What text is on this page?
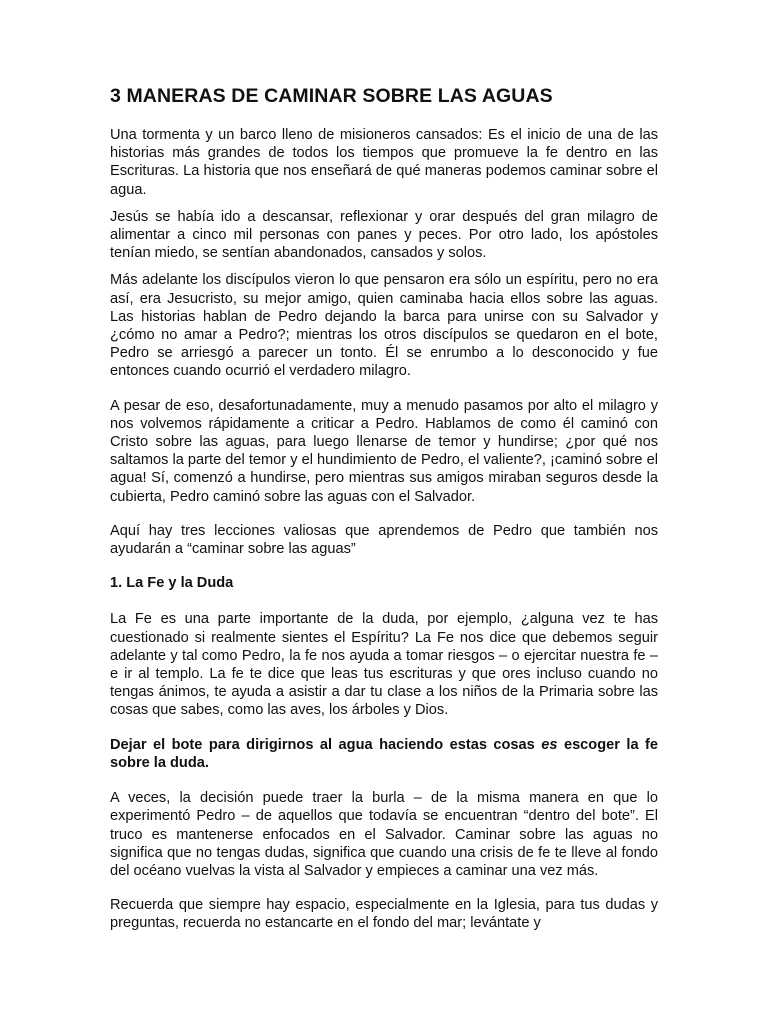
3 MANERAS DE CAMINAR SOBRE LAS AGUAS

Una tormenta y un barco lleno de misioneros cansados: Es el inicio de una de las historias más grandes de todos los tiempos que promueve la fe dentro en las Escrituras. La historia que nos enseñará de qué maneras podemos caminar sobre el agua.

Jesús se había ido a descansar, reflexionar y orar después del gran milagro de alimentar a cinco mil personas con panes y peces. Por otro lado, los apóstoles tenían miedo, se sentían abandonados, cansados y solos.

Más adelante los discípulos vieron lo que pensaron era sólo un espíritu, pero no era así, era Jesucristo, su mejor amigo, quien caminaba hacia ellos sobre las aguas. Las historias hablan de Pedro dejando la barca para unirse con su Salvador y ¿cómo no amar a Pedro?; mientras los otros discípulos se quedaron en el bote, Pedro se arriesgó a parecer un tonto. Él se enrumbo a lo desconocido y fue entonces cuando ocurrió el verdadero milagro.

A pesar de eso, desafortunadamente, muy a menudo pasamos por alto el milagro y nos volvemos rápidamente a criticar a Pedro. Hablamos de como él caminó con Cristo sobre las aguas, para luego llenarse de temor y hundirse; ¿por qué nos saltamos la parte del temor y el hundimiento de Pedro, el valiente?, ¡caminó sobre el agua! Sí, comenzó a hundirse, pero mientras sus amigos miraban seguros desde la cubierta, Pedro caminó sobre las aguas con el Salvador.

Aquí hay tres lecciones valiosas que aprendemos de Pedro que también nos ayudarán a “caminar sobre las aguas”

1. La Fe y la Duda

La Fe es una parte importante de la duda, por ejemplo, ¿alguna vez te has cuestionado si realmente sientes el Espíritu? La Fe nos dice que debemos seguir adelante y tal como Pedro, la fe nos ayuda a tomar riesgos – o ejercitar nuestra fe – e ir al templo. La fe te dice que leas tus escrituras y que ores incluso cuando no tengas ánimos, te ayuda a asistir a dar tu clase a los niños de la Primaria sobre las cosas que sabes, como las aves, los árboles y Dios.

Dejar el bote para dirigirnos al agua haciendo estas cosas es escoger la fe sobre la duda.

A veces, la decisión puede traer la burla – de la misma manera en que lo experimentó Pedro – de aquellos que todavía se encuentran “dentro del bote”. El truco es mantenerse enfocados en el Salvador. Caminar sobre las aguas no significa que no tengas dudas, significa que cuando una crisis de fe te lleve al fondo del océano vuelvas la vista al Salvador y empieces a caminar una vez más.

Recuerda que siempre hay espacio, especialmente en la Iglesia, para tus dudas y preguntas, recuerda no estancarte en el fondo del mar; levántate y
